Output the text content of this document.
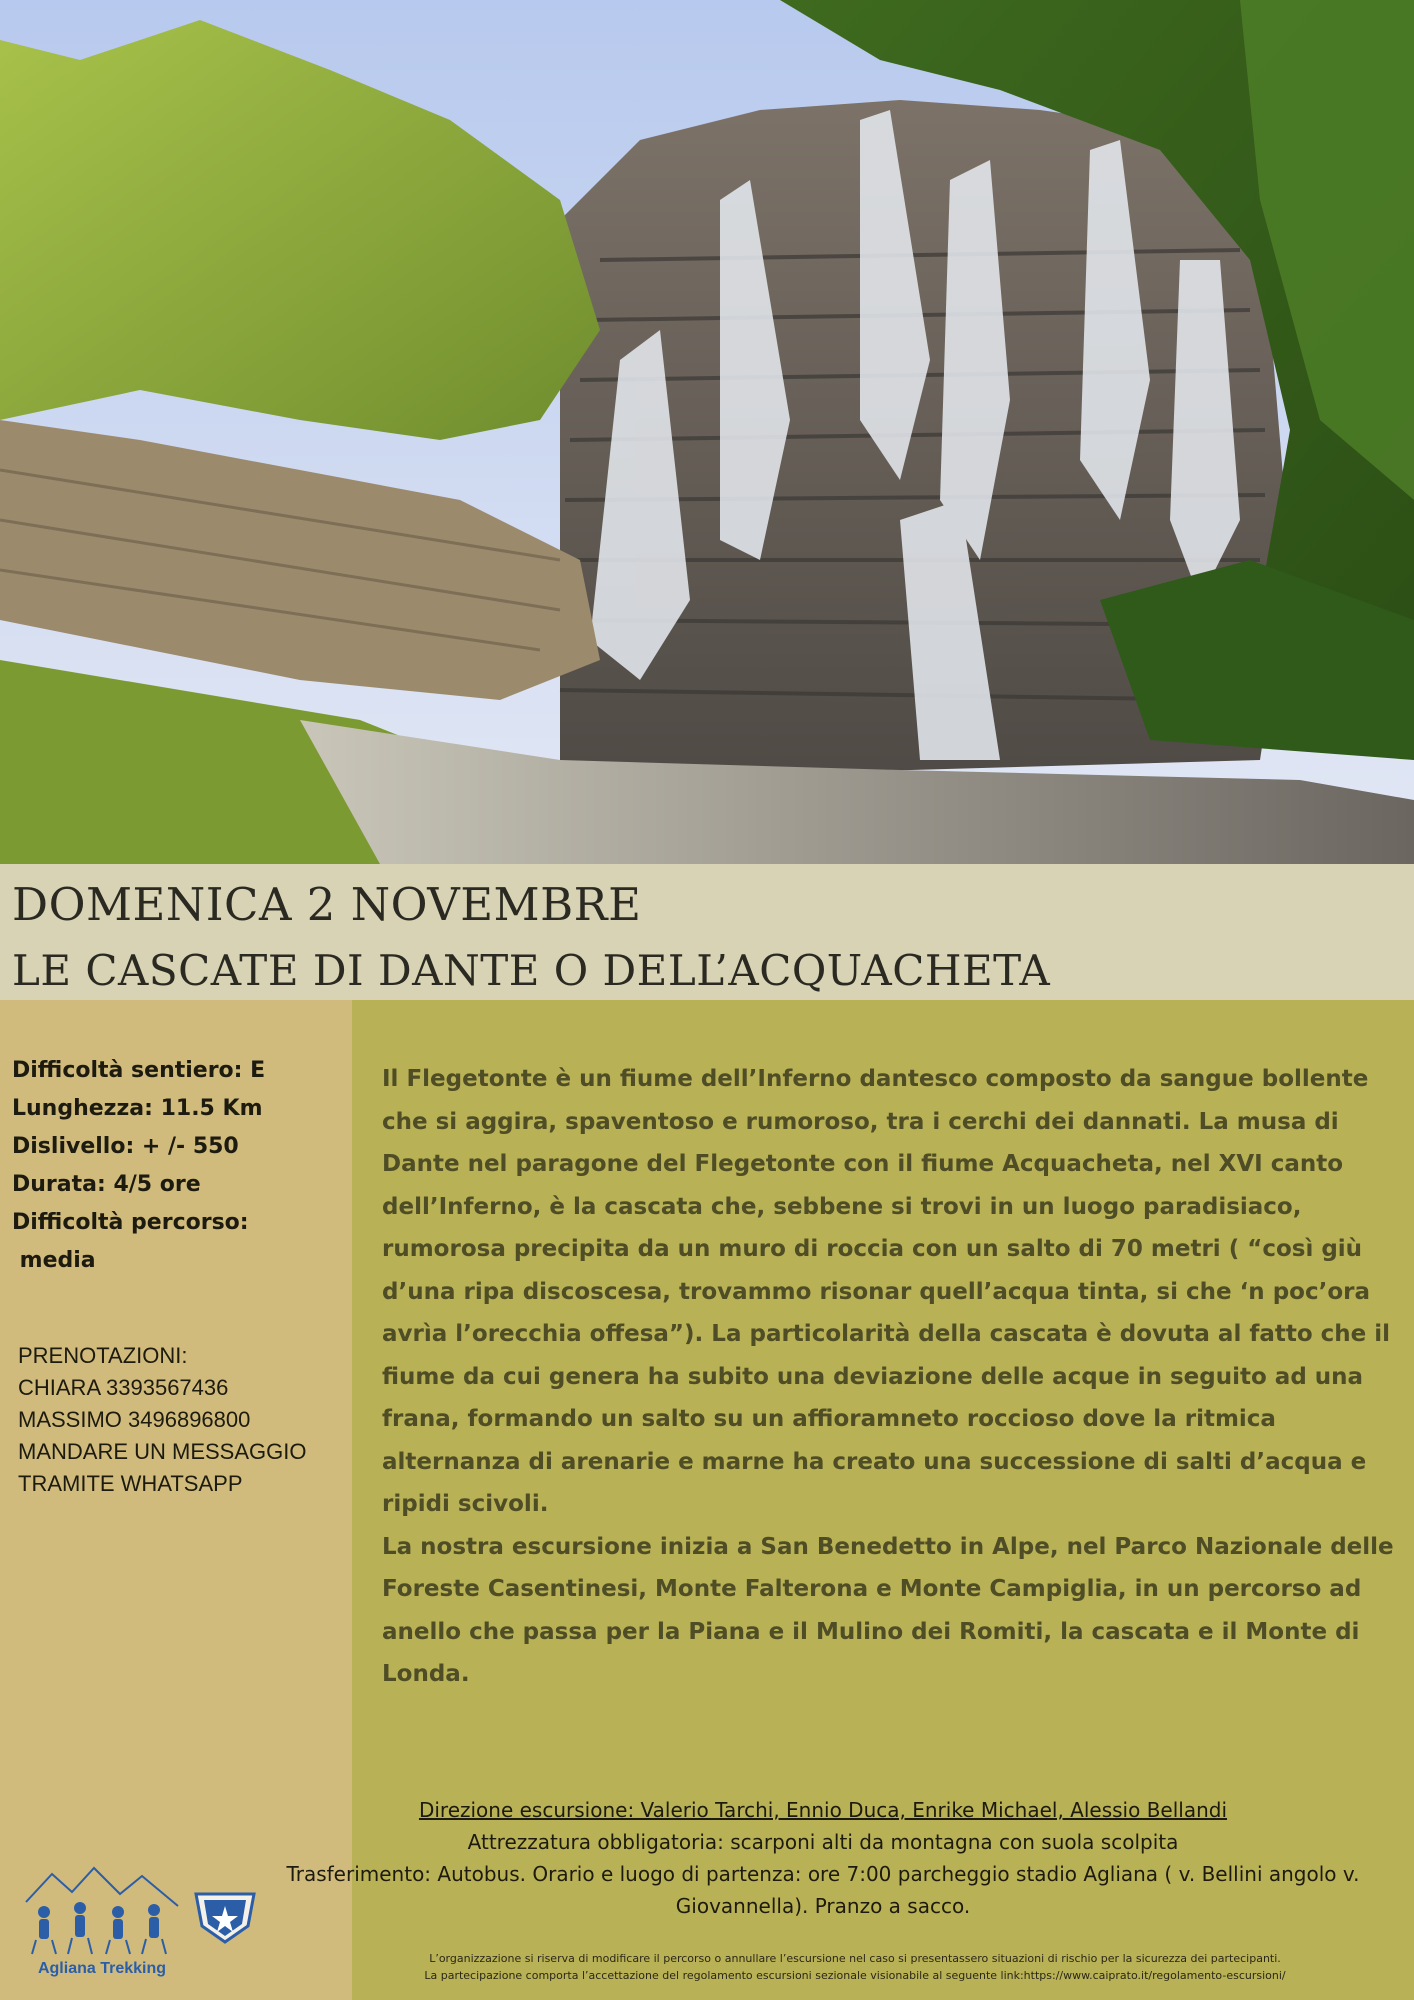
DOMENICA 2 NOVEMBRE
LE CASCATE DI DANTE O DELL’ACQUACHETA
Difficoltà sentiero: E
Lunghezza: 11.5 Km
Dislivello: + /- 550
Durata: 4/5 ore
Difficoltà percorso:
media
PRENOTAZIONI:
CHIARA 3393567436
MASSIMO 3496896800
MANDARE UN MESSAGGIO
TRAMITE WHATSAPP

Il Flegetonte è un fiume dell’Inferno dantesco composto da sangue bollente che si aggira, spaventoso e rumoroso, tra i cerchi dei dannati. La musa di Dante nel paragone del Flegetonte con il fiume Acquacheta, nel XVI canto dell’Inferno, è la cascata che, sebbene si trovi in un luogo paradisiaco, rumorosa precipita da un muro di roccia con un salto di 70 metri ( “così giù d’una ripa discoscesa, trovammo risonar quell’acqua tinta, si che ‘n poc’ora avrìa l’orecchia offesa”). La particolarità della cascata è dovuta al fatto che il fiume da cui genera ha subito una deviazione delle acque in seguito ad una frana, formando un salto su un affioramneto roccioso dove la ritmica alternanza di arenarie e marne ha creato una successione di salti d’acqua e ripidi scivoli.

La nostra escursione inizia a San Benedetto in Alpe, nel Parco Nazionale delle Foreste Casentinesi, Monte Falterona e Monte Campiglia, in un percorso ad anello che passa per la Piana e il Mulino dei Romiti, la cascata e il Monte di Londa.

Direzione escursione: Valerio Tarchi, Ennio Duca, Enrike Michael, Alessio Bellandi
Attrezzatura obbligatoria: scarponi alti da montagna con suola scolpita
Trasferimento: Autobus. Orario e luogo di partenza: ore 7:00 parcheggio stadio Agliana ( v. Bellini angolo v. Giovannella). Pranzo a sacco.
L’organizzazione si riserva di modificare il percorso o annullare l’escursione nel caso si presentassero situazioni di rischio per la sicurezza dei partecipanti.
La partecipazione comporta l’accettazione del regolamento escursioni sezionale visionabile al seguente link:https://www.caiprato.it/regolamento-escursioni/
Agliana Trekking
